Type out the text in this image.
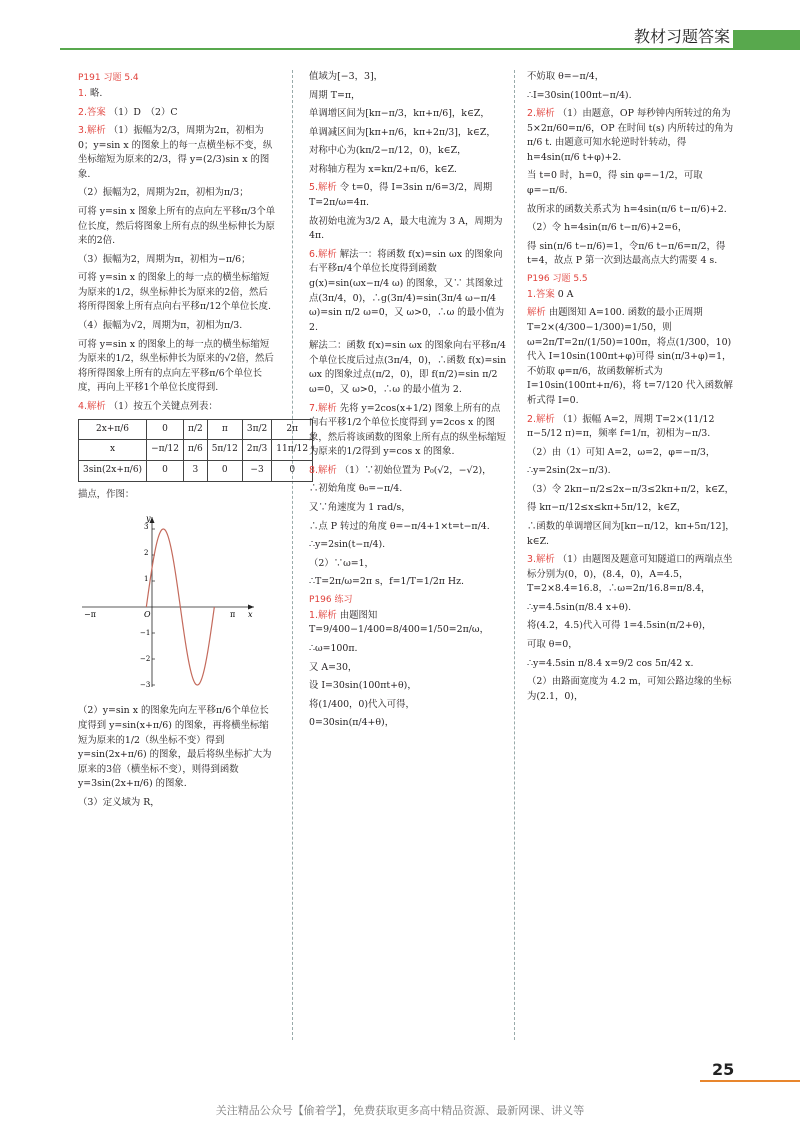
教材习题答案
P191 习题 5.4
1. 略.
2.答案 （1）D　（2）C
3.解析 （1）振幅为2/3，周期为2π，初相为0；y=sin x 的图象上的每一点横坐标不变，纵坐标缩短为原来的2/3，得 y=(2/3)sin x 的图象.
（2）振幅为2，周期为2π，初相为π/3；
可将 y=sin x 图象上所有的点向左平移π/3个单位长度，然后将图象上所有点的纵坐标伸长为原来的2倍.
（3）振幅为2，周期为π，初相为−π/6；
可将 y=sin x 的图象上的每一点的横坐标缩短为原来的1/2，纵坐标伸长为原来的2倍，然后将所得图象上所有点向右平移π/12个单位长度.
（4）振幅为√2，周期为π，初相为π/3.
可将 y=sin x 的图象上的每一点的横坐标缩短为原来的1/2，纵坐标伸长为原来的√2倍，然后将所得图象上所有的点向左平移π/6个单位长度，再向上平移1个单位长度得到.
4.解析 （1）按五个关键点列表：
2x+π/6	0	π/2	π	3π/2	2π
x	−π/12	π/6	5π/12	2π/3	11π/12
3sin(2x+π/6)	0	3	0	−3	0
描点，作图：
y
x
O
−π	π
3
2
1
−1
−2
−3
（2）y=sin x 的图象先向左平移π/6个单位长度得到 y=sin(x+π/6) 的图象，再将横坐标缩短为原来的1/2（纵坐标不变）得到 y=sin(2x+π/6) 的图象，最后将纵坐标扩大为原来的3倍（横坐标不变），则得到函数 y=3sin(2x+π/6) 的图象.
（3）定义域为 R，
值域为[−3，3]，
周期 T=π，
单调增区间为[kπ−π/3，kπ+π/6]，k∈Z，
单调减区间为[kπ+π/6，kπ+2π/3]，k∈Z，
对称中心为(kπ/2−π/12，0)，k∈Z，
对称轴方程为 x=kπ/2+π/6，k∈Z.
5.解析 令 t=0，得 I=3sin π/6=3/2，周期 T=2π/ω=4π.
故初始电流为3/2 A，最大电流为 3 A，周期为 4π.
6.解析 解法一：将函数 f(x)=sin ωx 的图象向右平移π/4个单位长度得到函数 g(x)=sin(ωx−π/4 ω) 的图象，又∵ 其图象过点(3π/4，0)，∴g(3π/4)=sin(3π/4 ω−π/4 ω)=sin π/2 ω=0，又 ω>0，∴ω 的最小值为 2.
解法二：函数 f(x)=sin ωx 的图象向右平移π/4个单位长度后过点(3π/4，0)，∴函数 f(x)=sin ωx 的图象过点(π/2，0)，即 f(π/2)=sin π/2 ω=0，又 ω>0，∴ω 的最小值为 2.
7.解析 先将 y=2cos(x+1/2) 图象上所有的点向右平移1/2个单位长度得到 y=2cos x 的图象，然后将该函数的图象上所有点的纵坐标缩短为原来的1/2得到 y=cos x 的图象.
8.解析 （1）∵初始位置为 P₀(√2，−√2)，
∴初始角度 θ₀=−π/4.
又∵角速度为 1 rad/s，
∴点 P 转过的角度 θ=−π/4+1×t=t−π/4.
∴y=2sin(t−π/4).
（2）∵ω=1，
∴T=2π/ω=2π s，f=1/T=1/2π Hz.
P196 练习
1.解析 由题图知 T=9/400−1/400=8/400=1/50=2π/ω，
∴ω=100π.
又 A=30，
设 I=30sin(100πt+θ)，
将(1/400，0)代入可得，
0=30sin(π/4+θ)，
不妨取 θ=−π/4，
∴I=30sin(100πt−π/4).
2.解析 （1）由题意，OP 每秒钟内所转过的角为5×2π/60=π/6，OP 在时间 t(s) 内所转过的角为π/6 t. 由题意可知水轮逆时针转动，得 h=4sin(π/6 t+φ)+2.
当 t=0 时，h=0，得 sin φ=−1/2，可取 φ=−π/6.
故所求的函数关系式为 h=4sin(π/6 t−π/6)+2.
（2）令 h=4sin(π/6 t−π/6)+2=6，
得 sin(π/6 t−π/6)=1，令π/6 t−π/6=π/2，得 t=4，故点 P 第一次到达最高点大约需要 4 s.
P196 习题 5.5
1.答案 0 A
解析 由题图知 A=100. 函数的最小正周期 T=2×(4/300−1/300)=1/50，则 ω=2π/T=2π/(1/50)=100π，将点(1/300，10)代入 I=10sin(100πt+φ)可得 sin(π/3+φ)=1，不妨取 φ=π/6，故函数解析式为 I=10sin(100πt+π/6)，将 t=7/120 代入函数解析式得 I=0.
2.解析 （1）振幅 A=2，周期 T=2×(11/12 π−5/12 π)=π，频率 f=1/π，初相为−π/3.
（2）由（1）可知 A=2，ω=2，φ=−π/3，
∴y=2sin(2x−π/3).
（3）令 2kπ−π/2≤2x−π/3≤2kπ+π/2，k∈Z，
得 kπ−π/12≤x≤kπ+5π/12，k∈Z，
∴函数的单调增区间为[kπ−π/12，kπ+5π/12]，k∈Z.
3.解析 （1）由题图及题意可知隧道口的两端点坐标分别为(0，0)，(8.4，0)，A=4.5，T=2×8.4=16.8，∴ω=2π/16.8=π/8.4，
∴y=4.5sin(π/8.4 x+θ).
将(4.2，4.5)代入可得 1=4.5sin(π/2+θ)，
可取 θ=0，
∴y=4.5sin π/8.4 x=9/2 cos 5π/42 x.
（2）由路面宽度为 4.2 m，可知公路边缘的坐标为(2.1，0)，
25
关注精品公众号【偷着学】，免费获取更多高中精品资源、最新网课、讲义等
